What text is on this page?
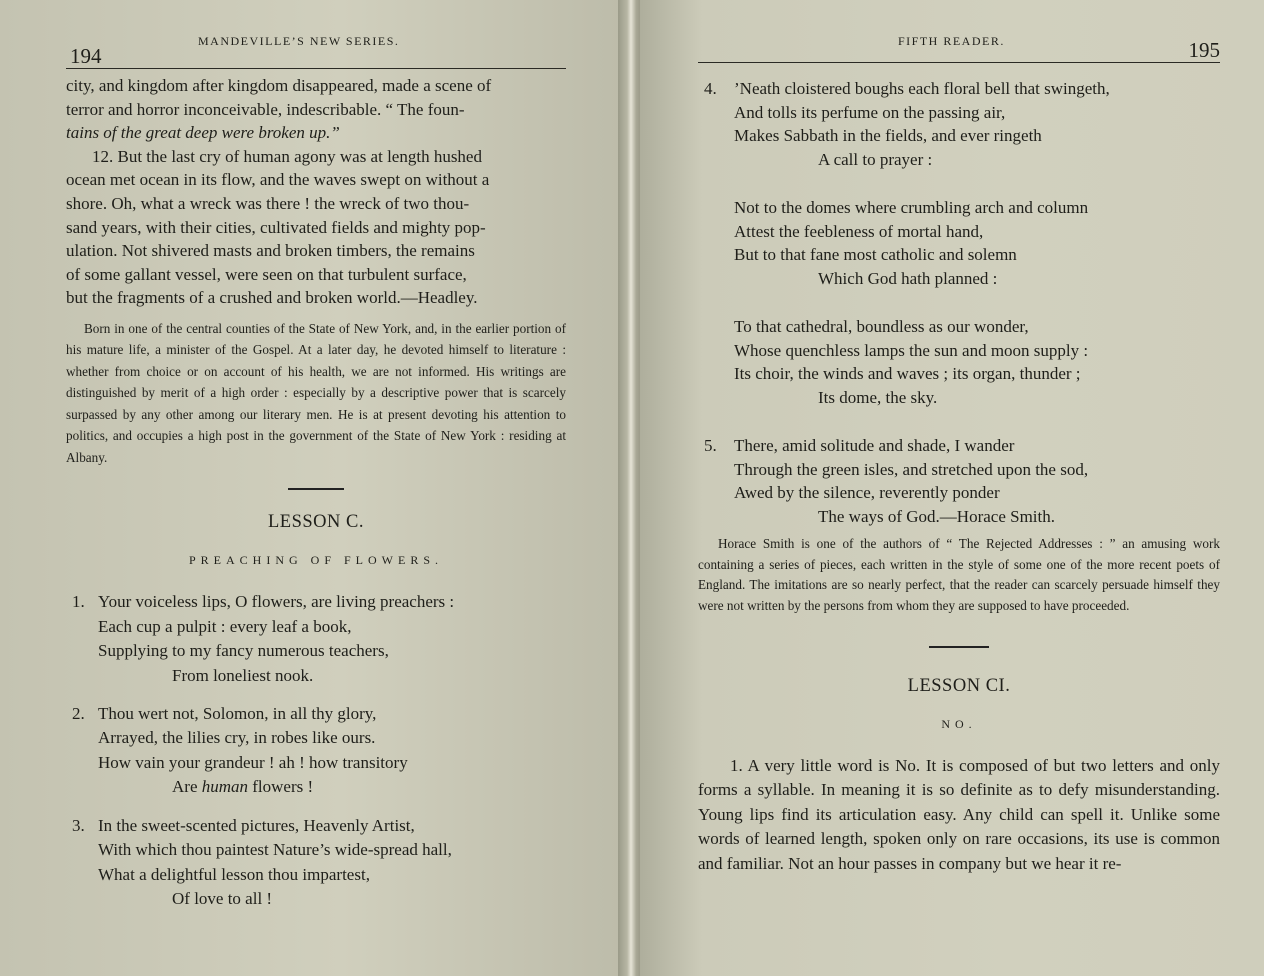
194
MANDEVILLE’S NEW SERIES.
city, and kingdom after kingdom disappeared, made a scene of
terror and horror inconceivable, indescribable. “ The foun-
tains of the great deep were broken up.”
12. But the last cry of human agony was at length hushed
ocean met ocean in its flow, and the waves swept on without a
shore. Oh, what a wreck was there ! the wreck of two thou-
sand years, with their cities, cultivated fields and mighty pop-
ulation. Not shivered masts and broken timbers, the remains
of some gallant vessel, were seen on that turbulent surface,
but the fragments of a crushed and broken world.—Headley.

Born in one of the central counties of the State of New York, and, in the earlier portion of his mature life, a minister of the Gospel. At a later day, he devoted himself to literature : whether from choice or on account of his health, we are not informed. His writings are distinguished by merit of a high order : especially by a descriptive power that is scarcely surpassed by any other among our literary men. He is at present devoting his attention to politics, and occupies a high post in the government of the State of New York : residing at Albany.

LESSON C.
PREACHING OF FLOWERS.
1. Your voiceless lips, O flowers, are living preachers :
Each cup a pulpit : every leaf a book,
Supplying to my fancy numerous teachers,
From loneliest nook.
2. Thou wert not, Solomon, in all thy glory,
Arrayed, the lilies cry, in robes like ours.
How vain your grandeur ! ah ! how transitory
Are human flowers !
3. In the sweet-scented pictures, Heavenly Artist,
With which thou paintest Nature’s wide-spread hall,
What a delightful lesson thou impartest,
Of love to all !
FIFTH READER.	195
4. ’Neath cloistered boughs each floral bell that swingeth,
And tolls its perfume on the passing air,
Makes Sabbath in the fields, and ever ringeth
A call to prayer :
Not to the domes where crumbling arch and column
Attest the feebleness of mortal hand,
But to that fane most catholic and solemn
Which God hath planned :
To that cathedral, boundless as our wonder,
Whose quenchless lamps the sun and moon supply :
Its choir, the winds and waves ; its organ, thunder ;
Its dome, the sky.
5. There, amid solitude and shade, I wander
Through the green isles, and stretched upon the sod,
Awed by the silence, reverently ponder
The ways of God.—Horace Smith.

Horace Smith is one of the authors of “ The Rejected Addresses : ” an amusing work containing a series of pieces, each written in the style of some one of the more recent poets of England. The imitations are so nearly perfect, that the reader can scarcely persuade himself they were not written by the persons from whom they are supposed to have proceeded.

LESSON CI.
NO.

1. A very little word is No. It is composed of but two letters and only forms a syllable. In meaning it is so definite as to defy misunderstanding. Young lips find its articulation easy. Any child can spell it. Unlike some words of learned length, spoken only on rare occasions, its use is common and familiar. Not an hour passes in company but we hear it re-
